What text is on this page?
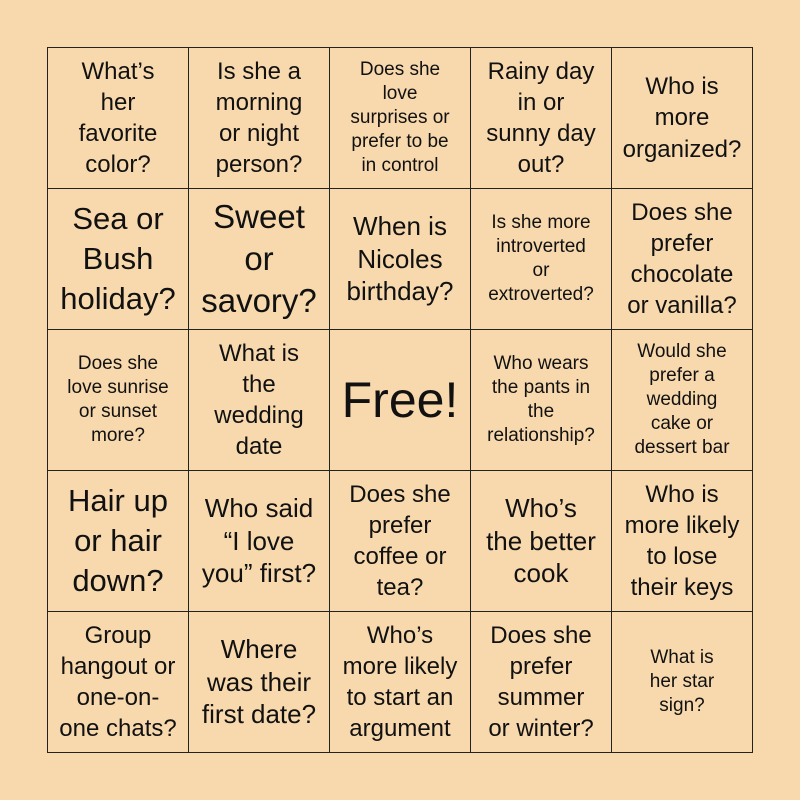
What’s
her
favorite
color?
Is she a
morning
or night
person?
Does she
love
surprises or
prefer to be
in control
Rainy day
in or
sunny day
out?
Who is
more
organized?
Sea or
Bush
holiday?
Sweet
or
savory?
When is
Nicoles
birthday?
Is she more
introverted
or
extroverted?
Does she
prefer
chocolate
or vanilla?
Does she
love sunrise
or sunset
more?
What is
the
wedding
date
Free!
Who wears
the pants in
the
relationship?
Would she
prefer a
wedding
cake or
dessert bar
Hair up
or hair
down?
Who said
“I love
you” first?
Does she
prefer
coffee or
tea?
Who’s
the better
cook
Who is
more likely
to lose
their keys
Group
hangout or
one-on-
one chats?
Where
was their
first date?
Who’s
more likely
to start an
argument
Does she
prefer
summer
or winter?
What is
her star
sign?
